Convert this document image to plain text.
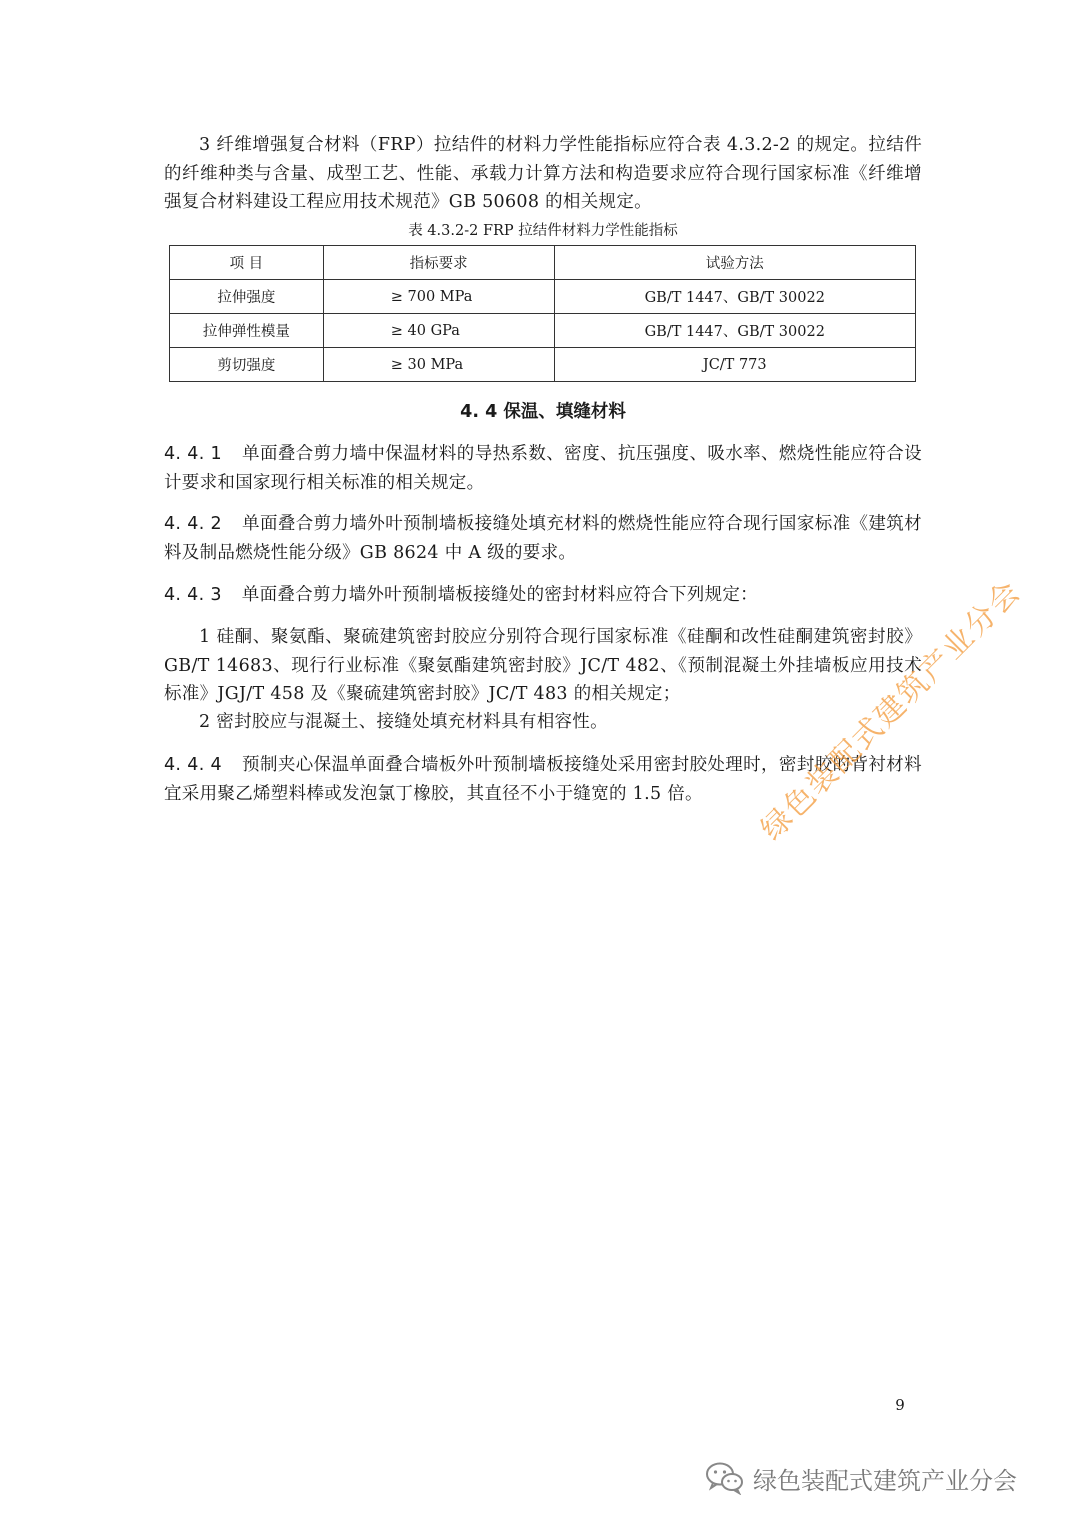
3 纤维增强复合材料（FRP）拉结件的材料力学性能指标应符合表 4.3.2-2 的规定。拉结件的纤维种类与含量、成型工艺、性能、承载力计算方法和构造要求应符合现行国家标准《纤维增强复合材料建设工程应用技术规范》GB 50608 的相关规定。
表 4.3.2-2 FRP 拉结件材料力学性能指标
项 目	指标要求	试验方法
拉伸强度	≥ 700 MPa	GB/T 1447、GB/T 30022
拉伸弹性模量	≥ 40 GPa	GB/T 1447、GB/T 30022
剪切强度	≥ 30 MPa	JC/T 773
4. 4 保温、填缝材料
4. 4. 1 单面叠合剪力墙中保温材料的导热系数、密度、抗压强度、吸水率、燃烧性能应符合设计要求和国家现行相关标准的相关规定。
4. 4. 2 单面叠合剪力墙外叶预制墙板接缝处填充材料的燃烧性能应符合现行国家标准《建筑材料及制品燃烧性能分级》GB 8624 中 A 级的要求。
4. 4. 3 单面叠合剪力墙外叶预制墙板接缝处的密封材料应符合下列规定：
1 硅酮、聚氨酯、聚硫建筑密封胶应分别符合现行国家标准《硅酮和改性硅酮建筑密封胶》GB/T 14683、现行行业标准《聚氨酯建筑密封胶》JC/T 482、《预制混凝土外挂墙板应用技术标准》JGJ/T 458 及《聚硫建筑密封胶》JC/T 483 的相关规定；
2 密封胶应与混凝土、接缝处填充材料具有相容性。
4. 4. 4 预制夹心保温单面叠合墙板外叶预制墙板接缝处采用密封胶处理时，密封胶的背衬材料宜采用聚乙烯塑料棒或发泡氯丁橡胶，其直径不小于缝宽的 1.5 倍。	绿色装配式建筑产业分会
9
绿色装配式建筑产业分会
